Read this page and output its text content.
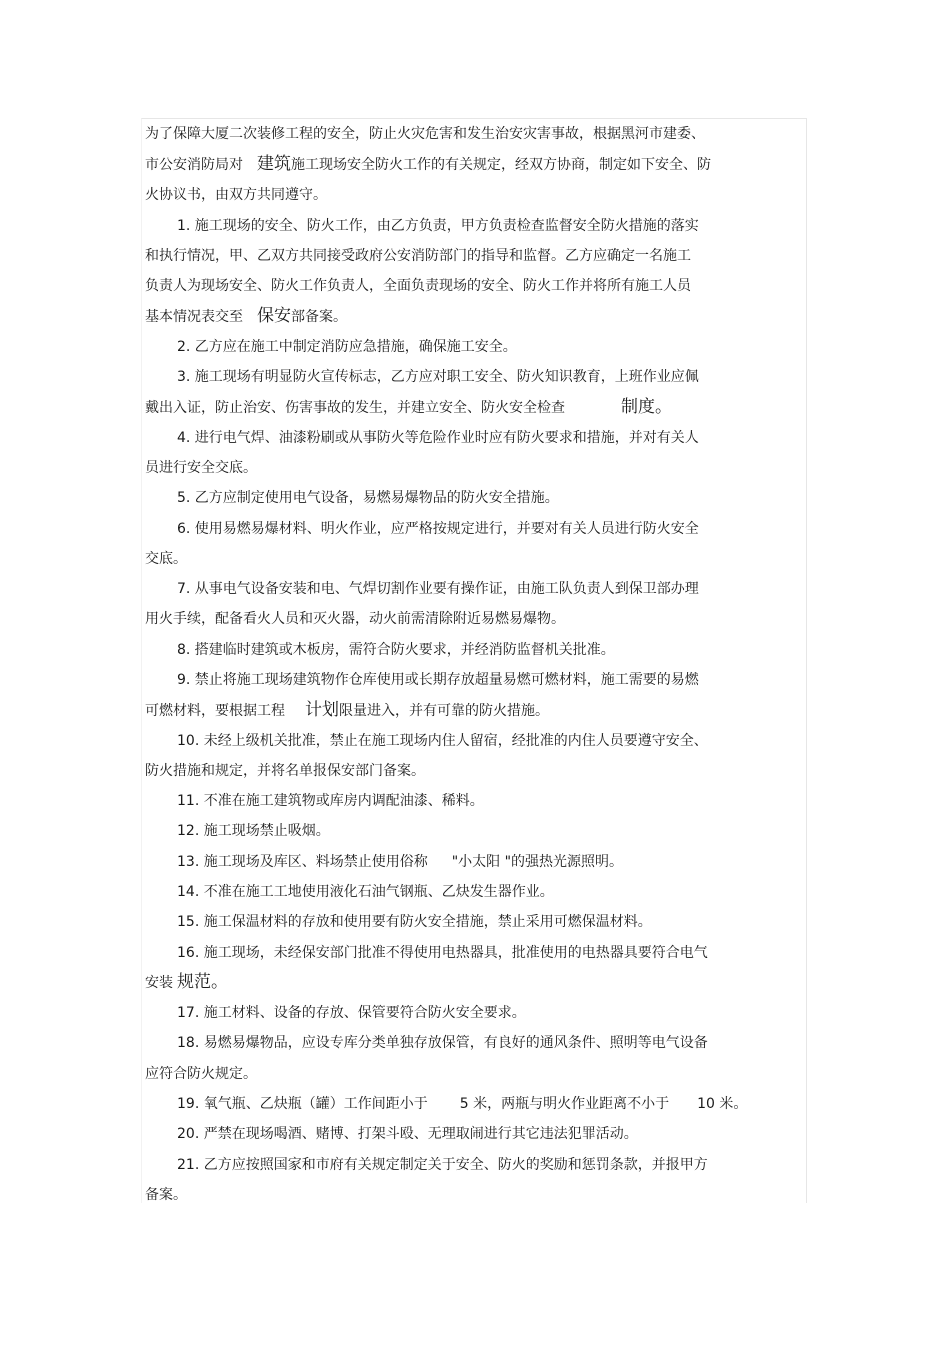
为了保障大厦二次装修工程的安全，防止火灾危害和发生治安灾害事故，根据黑河市建委、
市公安消防局对 建筑施工现场安全防火工作的有关规定，经双方协商，制定如下安全、防
火协议书，由双方共同遵守。
1. 施工现场的安全、防火工作，由乙方负责，甲方负责检查监督安全防火措施的落实
和执行情况，甲、乙双方共同接受政府公安消防部门的指导和监督。乙方应确定一名施工
负责人为现场安全、防火工作负责人，全面负责现场的安全、防火工作并将所有施工人员
基本情况表交至 保安部备案。
2. 乙方应在施工中制定消防应急措施，确保施工安全。
3. 施工现场有明显防火宣传标志，乙方应对职工安全、防火知识教育，上班作业应佩
戴出入证，防止治安、伤害事故的发生，并建立安全、防火安全检查	制度。
4. 进行电气焊、油漆粉刷或从事防火等危险作业时应有防火要求和措施，并对有关人
员进行安全交底。
5. 乙方应制定使用电气设备，易燃易爆物品的防火安全措施。
6. 使用易燃易爆材料、明火作业，应严格按规定进行，并要对有关人员进行防火安全
交底。
7. 从事电气设备安装和电、气焊切割作业要有操作证，由施工队负责人到保卫部办理
用火手续，配备看火人员和灭火器，动火前需清除附近易燃易爆物。
8. 搭建临时建筑或木板房，需符合防火要求，并经消防监督机关批准。
9. 禁止将施工现场建筑物作仓库使用或长期存放超量易燃可燃材料，施工需要的易燃
可燃材料，要根据工程 计划限量进入，并有可靠的防火措施。
10. 未经上级机关批准，禁止在施工现场内住人留宿，经批准的内住人员要遵守安全、
防火措施和规定，并将名单报保安部门备案。
11. 不准在施工建筑物或库房内调配油漆、稀料。
12. 施工现场禁止吸烟。
13. 施工现场及库区、料场禁止使用俗称 "小太阳 "的强热光源照明。
14. 不准在施工工地使用液化石油气钢瓶、乙炔发生器作业。
15. 施工保温材料的存放和使用要有防火安全措施，禁止采用可燃保温材料。
16. 施工现场，未经保安部门批准不得使用电热器具，批准使用的电热器具要符合电气
安装 规范。
17. 施工材料、设备的存放、保管要符合防火安全要求。
18. 易燃易爆物品，应设专库分类单独存放保管，有良好的通风条件、照明等电气设备
应符合防火规定。
19. 氧气瓶、乙炔瓶（罐）工作间距小于 5 米，两瓶与明火作业距离不小于 10 米。
20. 严禁在现场喝酒、赌博、打架斗殴、无理取闹进行其它违法犯罪活动。
21. 乙方应按照国家和市府有关规定制定关于安全、防火的奖励和惩罚条款，并报甲方
备案。
